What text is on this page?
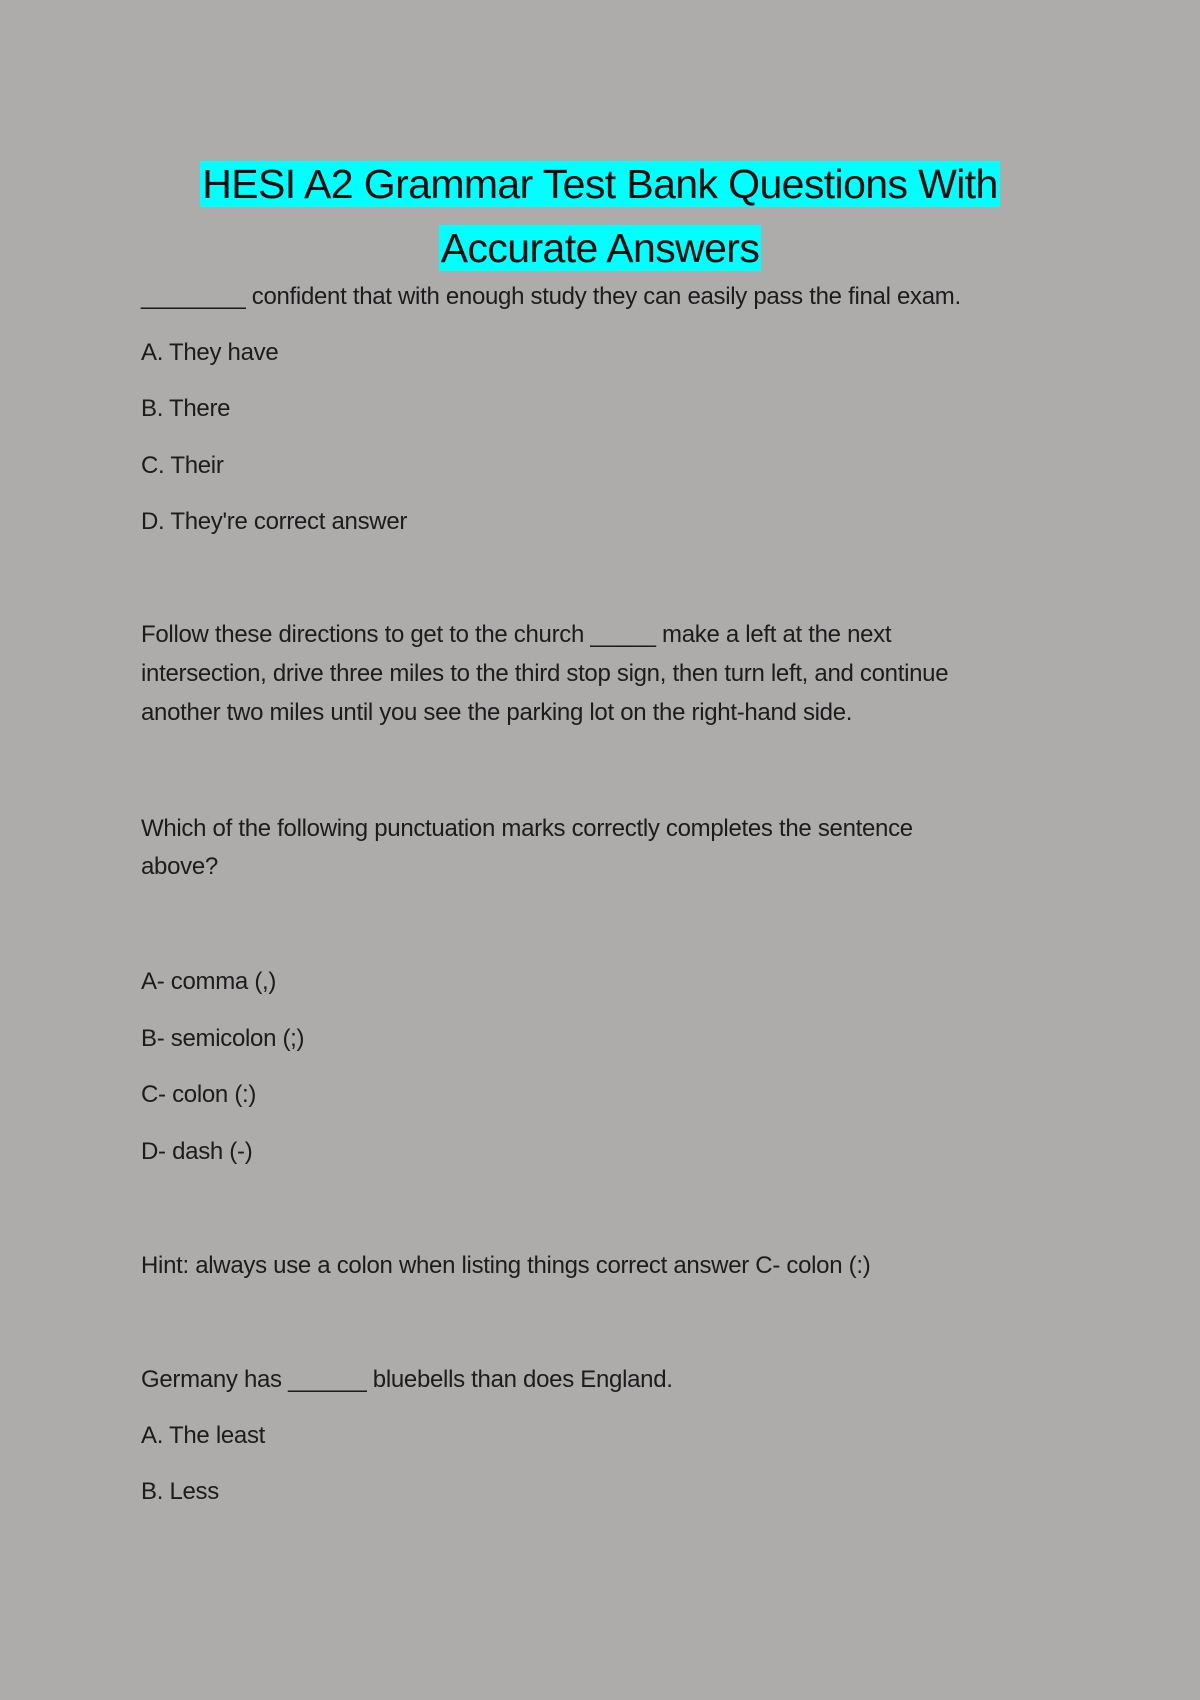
HESI A2 Grammar Test Bank Questions With
Accurate Answers

________ confident that with enough study they can easily pass the final exam.

A. They have

B. There

C. Their

D. They're correct answer

Follow these directions to get to the church _____ make a left at the next

intersection, drive three miles to the third stop sign, then turn left, and continue

another two miles until you see the parking lot on the right-hand side.

Which of the following punctuation marks correctly completes the sentence

above?

A- comma (,)

B- semicolon (;)

C- colon (:)

D- dash (-)

Hint: always use a colon when listing things correct answer C- colon (:)

Germany has ______ bluebells than does England.

A. The least

B. Less
